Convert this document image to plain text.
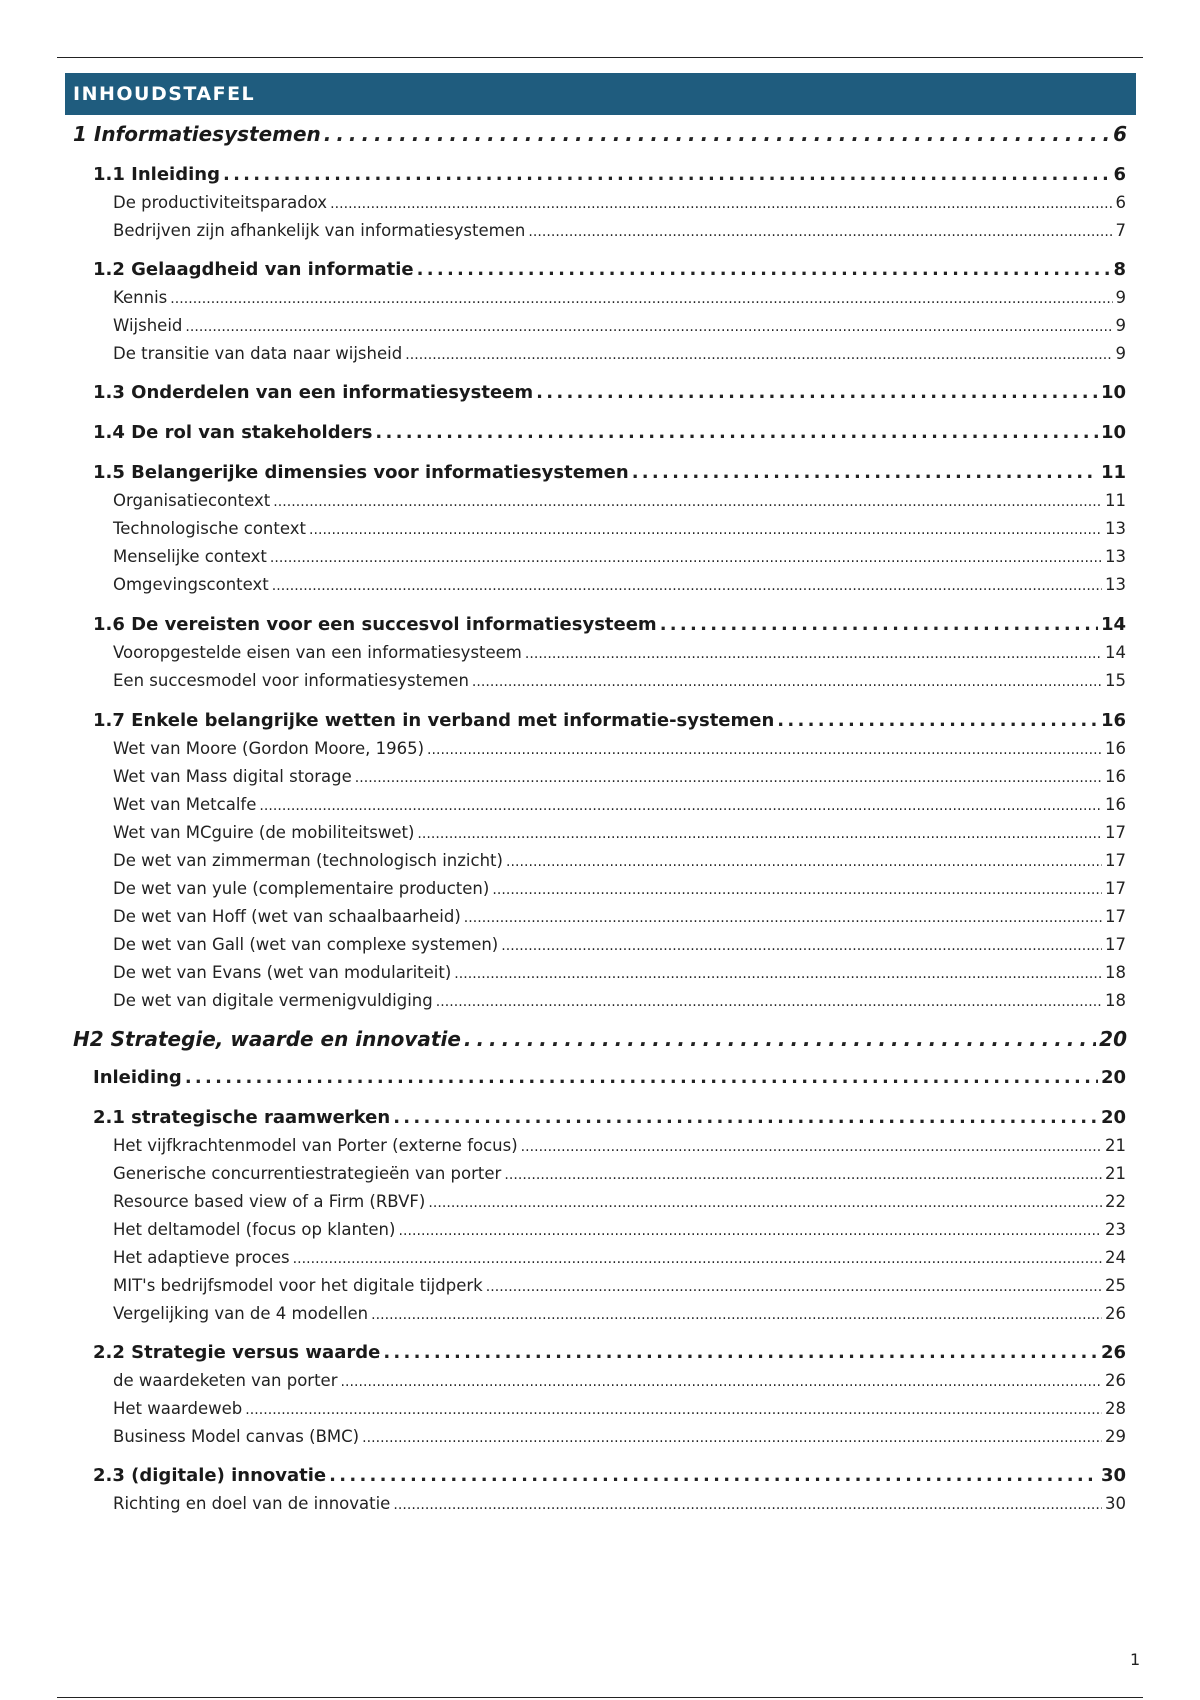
INHOUDSTAFEL
1 Informatiesystemen . . .	6
1.1 Inleiding . . .	6
De productiviteitsparadox . . .	6
Bedrijven zijn afhankelijk van informatiesystemen . . .	7
1.2 Gelaagdheid van informatie . . .	8
Kennis . . .	9
Wijsheid . . .	9
De transitie van data naar wijsheid . . .	9
1.3 Onderdelen van een informatiesysteem . . .	10
1.4 De rol van stakeholders . . .	10
1.5 Belangerijke dimensies voor informatiesystemen . . .	11
Organisatiecontext . . .	11
Technologische context . . .	13
Menselijke context . . .	13
Omgevingscontext . . .	13
1.6 De vereisten voor een succesvol informatiesysteem . . .	14
Vooropgestelde eisen van een informatiesysteem . . .	14
Een succesmodel voor informatiesystemen . . .	15
1.7 Enkele belangrijke wetten in verband met informatie-systemen . . .	16
Wet van Moore (Gordon Moore, 1965) . . .	16
Wet van Mass digital storage . . .	16
Wet van Metcalfe . . .	16
Wet van MCguire (de mobiliteitswet) . . .	17
De wet van zimmerman (technologisch inzicht) . . .	17
De wet van yule (complementaire producten) . . .	17
De wet van Hoff (wet van schaalbaarheid) . . .	17
De wet van Gall (wet van complexe systemen) . . .	17
De wet van Evans (wet van modulariteit) . . .	18
De wet van digitale vermenigvuldiging . . .	18
H2 Strategie, waarde en innovatie . . .	20
Inleiding . . .	20
2.1 strategische raamwerken . . .	20
Het vijfkrachtenmodel van Porter (externe focus) . . .	21
Generische concurrentiestrategieën van porter . . .	21
Resource based view of a Firm (RBVF) . . .	22
Het deltamodel (focus op klanten) . . .	23
Het adaptieve proces . . .	24
MIT's bedrijfsmodel voor het digitale tijdperk . . .	25
Vergelijking van de 4 modellen . . .	26
2.2 Strategie versus waarde . . .	26
de waardeketen van porter . . .	26
Het waardeweb . . .	28
Business Model canvas (BMC) . . .	29
2.3 (digitale) innovatie . . .	30
Richting en doel van de innovatie . . .	30
1
